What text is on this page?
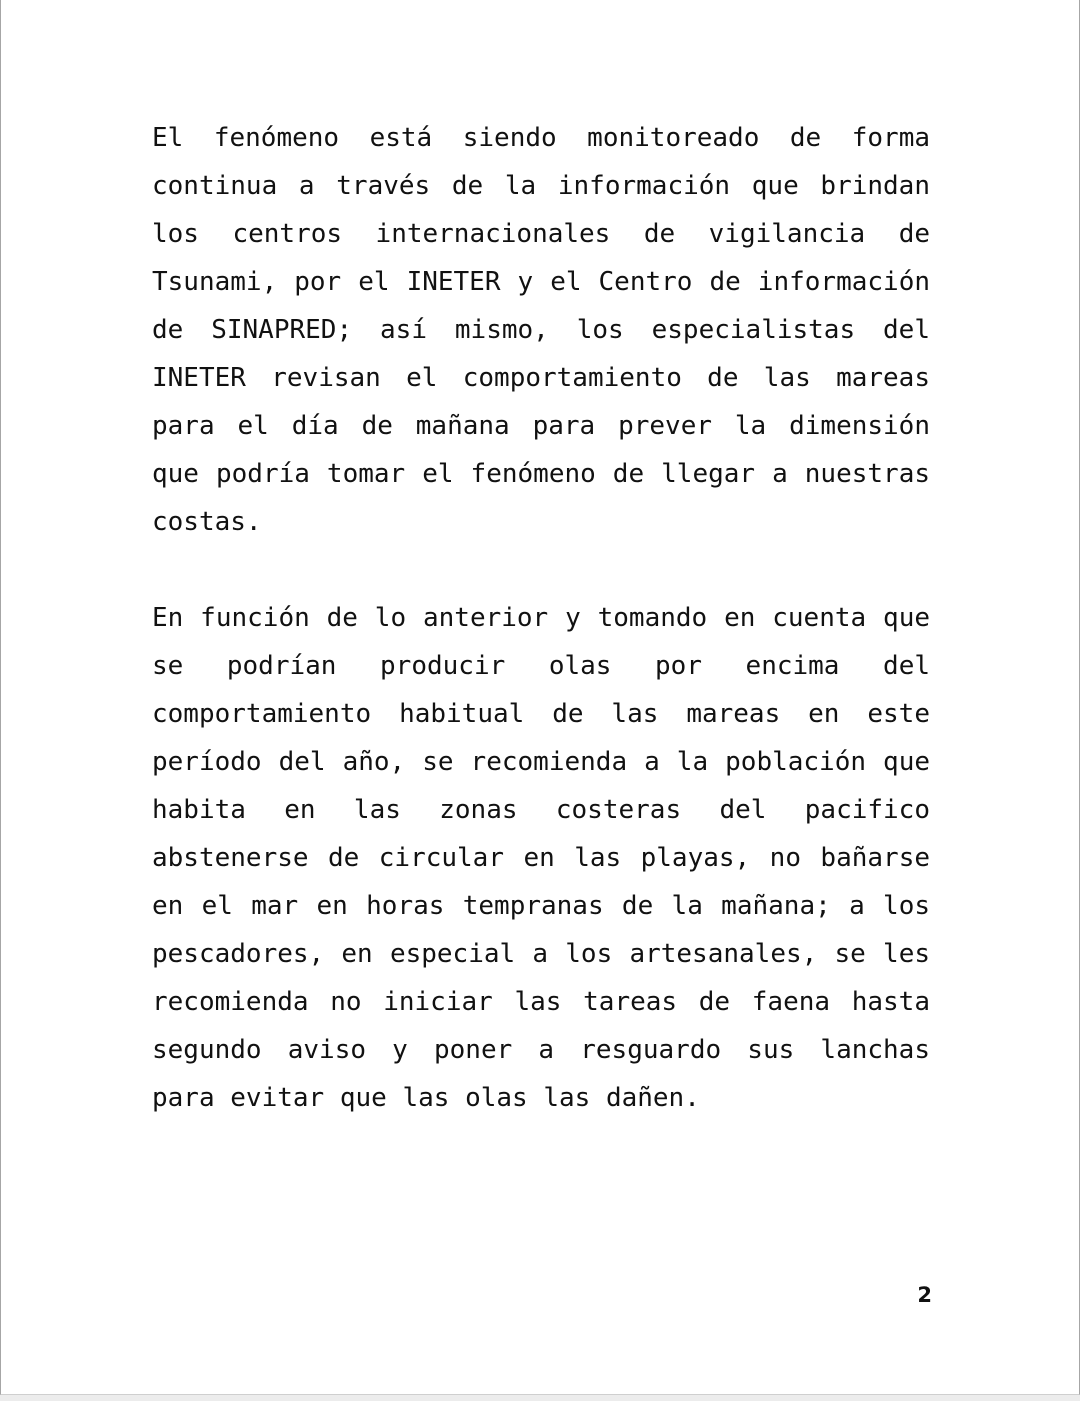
El fenómeno está siendo monitoreado de forma continua a través de la información que brindan los centros internacionales de vigilancia de Tsunami, por el INETER y el Centro de información de SINAPRED; así mismo, los especialistas del INETER revisan el comportamiento de las mareas para el día de mañana para prever la dimensión que podría tomar el fenómeno de llegar a nuestras costas.

En función de lo anterior y tomando en cuenta que se podrían producir olas por encima del comportamiento habitual de las mareas en este período del año, se recomienda a la población que habita en las zonas costeras del pacifico abstenerse de circular en las playas, no bañarse en el mar en horas tempranas de la mañana; a los pescadores, en especial a los artesanales, se les recomienda no iniciar las tareas de faena hasta segundo aviso y poner a resguardo sus lanchas para evitar que las olas las dañen.

2
